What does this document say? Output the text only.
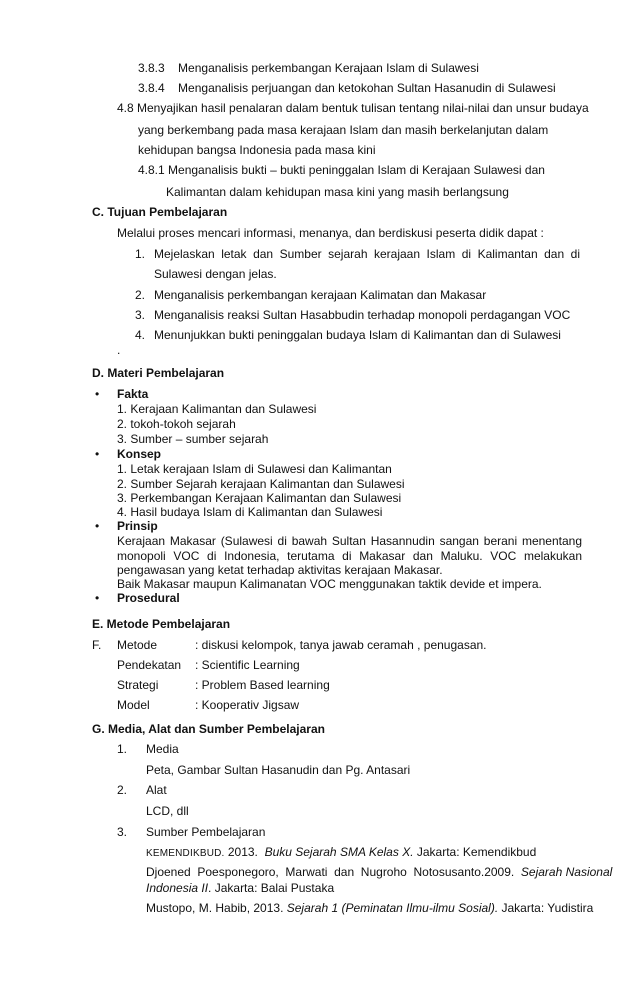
3.8.3 Menganalisis perkembangan Kerajaan Islam di Sulawesi
3.8.4 Menganalisis perjuangan dan ketokohan Sultan Hasanudin di Sulawesi
4.8 Menyajikan hasil penalaran dalam bentuk tulisan tentang nilai-nilai dan unsur budaya
yang berkembang pada masa kerajaan Islam dan masih berkelanjutan dalam
kehidupan bangsa Indonesia pada masa kini
4.8.1 Menganalisis bukti – bukti peninggalan Islam di Kerajaan Sulawesi dan
Kalimantan dalam kehidupan masa kini yang masih berlangsung
C. Tujuan Pembelajaran
Melalui proses mencari informasi, menanya, dan berdiskusi peserta didik dapat :
1. Mejelaskan letak dan Sumber sejarah kerajaan Islam di Kalimantan dan di
Sulawesi dengan jelas.
2. Menganalisis perkembangan kerajaan Kalimatan dan Makasar
3. Menganalisis reaksi Sultan Hasabbudin terhadap monopoli perdagangan VOC
4. Menunjukkan bukti peninggalan budaya Islam di Kalimantan dan di Sulawesi
.
D. Materi Pembelajaran
• Fakta
1. Kerajaan Kalimantan dan Sulawesi
2. tokoh-tokoh sejarah
3. Sumber – sumber sejarah
• Konsep
1. Letak kerajaan Islam di Sulawesi dan Kalimantan
2. Sumber Sejarah kerajaan Kalimantan dan Sulawesi
3. Perkembangan Kerajaan Kalimantan dan Sulawesi
4. Hasil budaya Islam di Kalimantan dan Sulawesi
• Prinsip
Kerajaan Makasar (Sulawesi di bawah Sultan Hasannudin sangan berani menentang
monopoli VOC di Indonesia, terutama di Makasar dan Maluku. VOC melakukan
pengawasan yang ketat terhadap aktivitas kerajaan Makasar.
Baik Makasar maupun Kalimanatan VOC menggunakan taktik devide et impera.
• Prosedural
E. Metode Pembelajaran
F. Metode	: diskusi kelompok, tanya jawab ceramah , penugasan.
Pendekatan : Scientific Learning
Strategi	: Problem Based learning
Model	: Kooperativ Jigsaw
G. Media, Alat dan Sumber Pembelajaran
1. Media
Peta, Gambar Sultan Hasanudin dan Pg. Antasari
2. Alat
LCD, dll
3. Sumber Pembelajaran
KEMENDIKBUD. 2013.  Buku Sejarah SMA Kelas X. Jakarta: Kemendikbud
Djoened  Poesponegoro,  Marwati  dan  Nugroho  Notosusanto.2009.  Sejarah Nasional
Indonesia II. Jakarta: Balai Pustaka
Mustopo, M. Habib, 2013. Sejarah 1 (Peminatan Ilmu-ilmu Sosial). Jakarta: Yudistira
